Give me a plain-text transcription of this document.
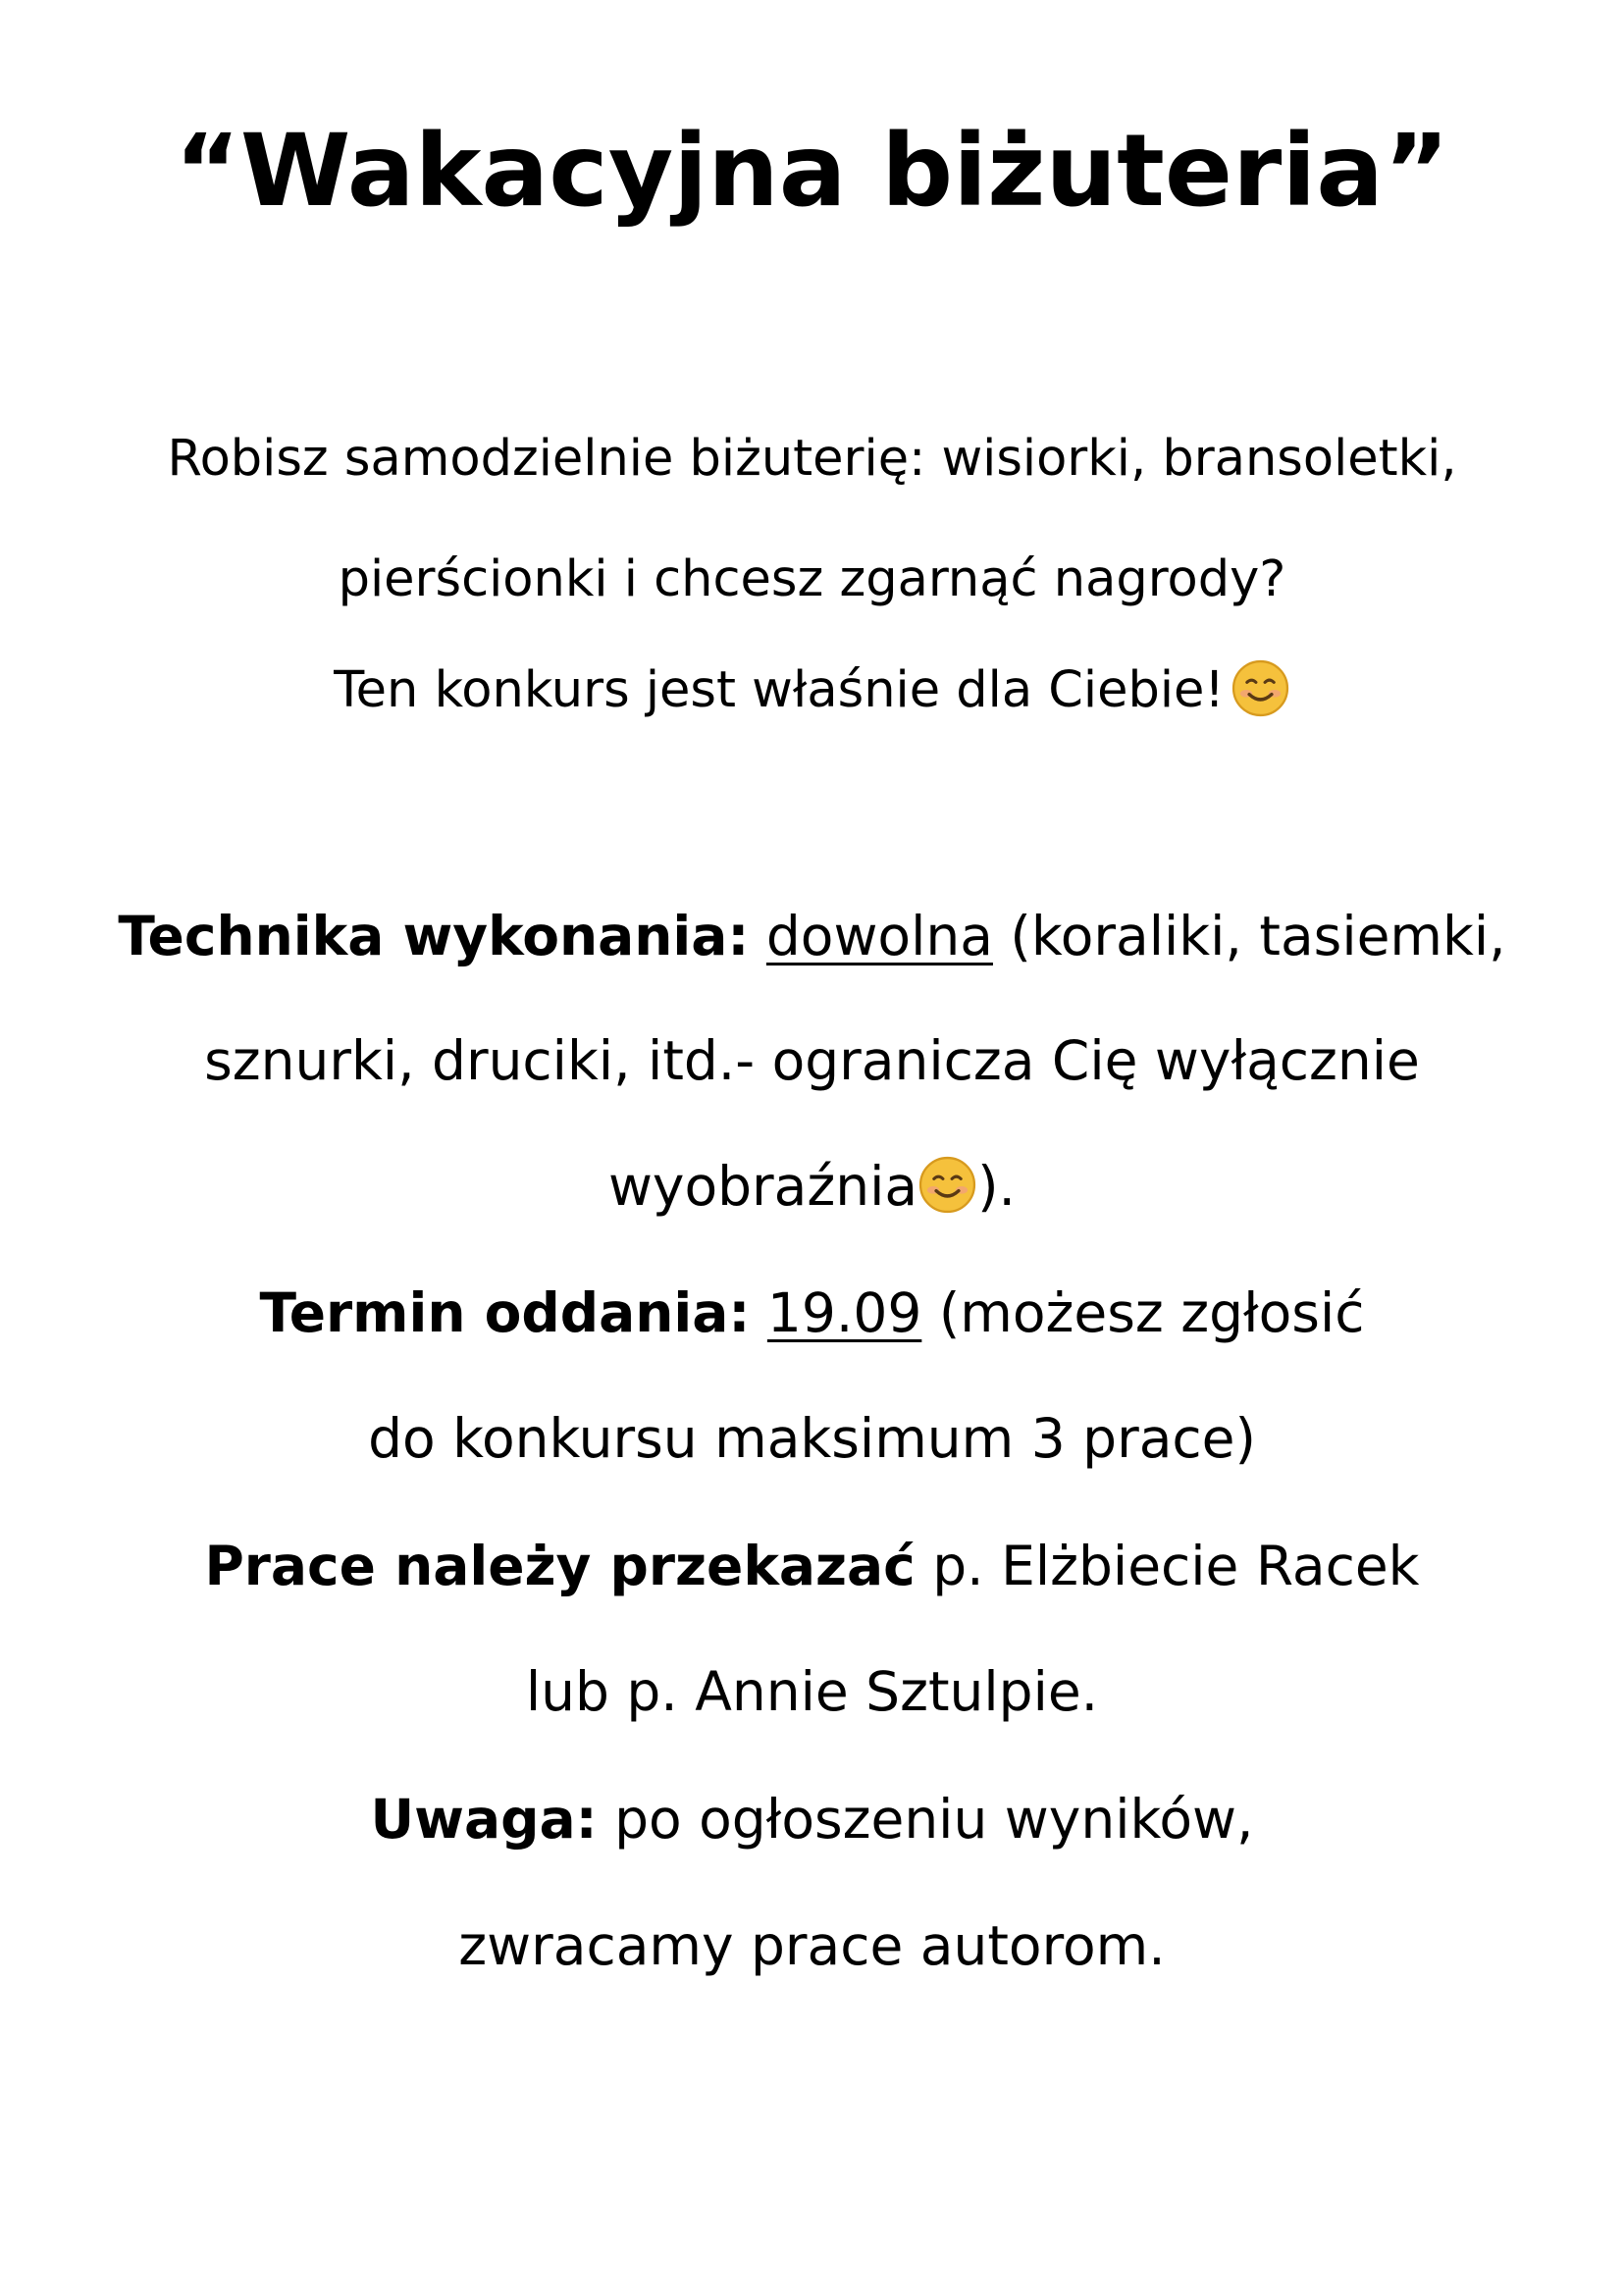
“Wakacyjna biżuteria”
Robisz samodzielnie biżuterię: wisiorki, bransoletki,
pierścionki i chcesz zgarnąć nagrody?
Ten konkurs jest właśnie dla Ciebie!
Technika wykonania: dowolna (koraliki, tasiemki,
sznurki, druciki, itd.- ogranicza Cię wyłącznie
wyobraźnia ).
Termin oddania: 19.09 (możesz zgłosić
do konkursu maksimum 3 prace)
Prace należy przekazać p. Elżbiecie Racek
lub p. Annie Sztulpie.
Uwaga: po ogłoszeniu wyników,
zwracamy prace autorom.
